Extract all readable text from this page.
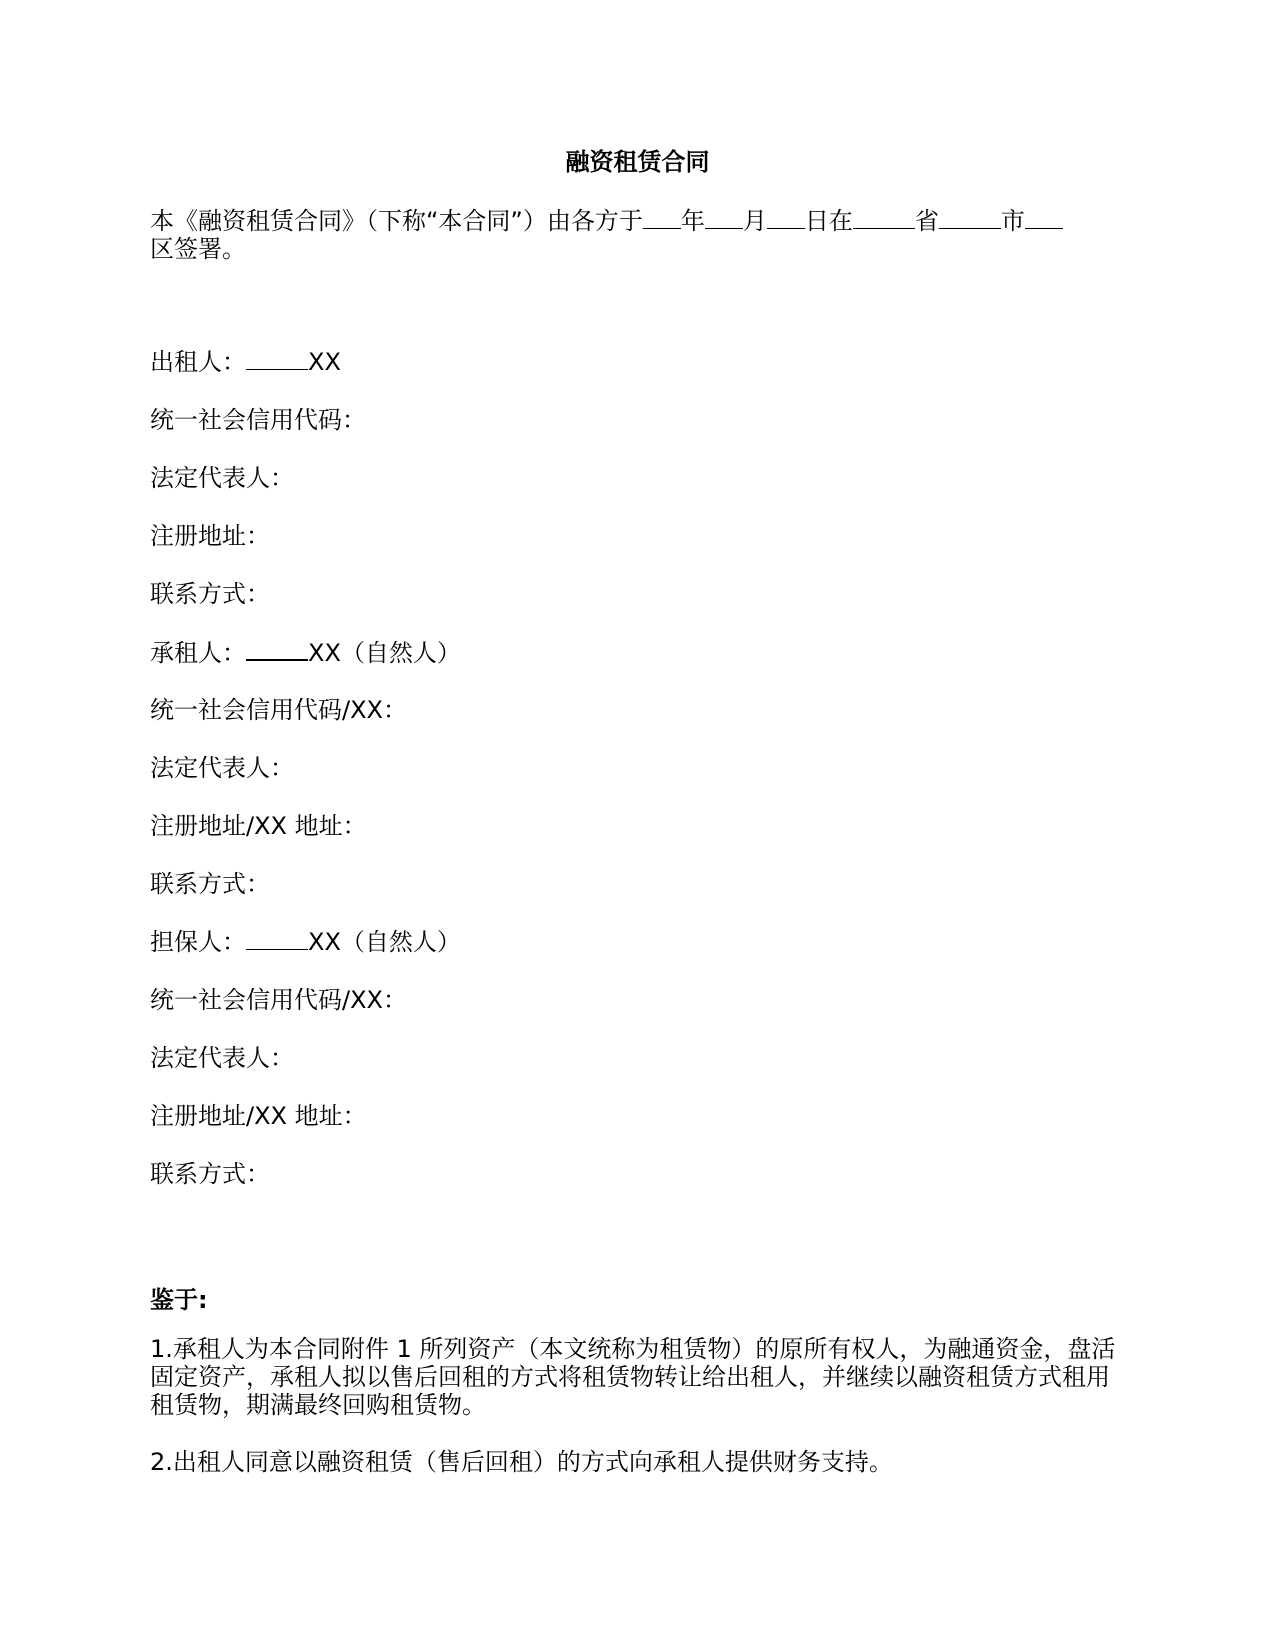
融资租赁合同
本《融资租赁合同》（下称“本合同”）由各方于 年 月 日在	省	市
区签署。
出租人：	XX
统一社会信用代码：
法定代表人：
注册地址：
联系方式：
承租人：	XX（自然人）
统一社会信用代码/XX：
法定代表人：
注册地址/XX 地址：
联系方式：
担保人：	XX（自然人）
统一社会信用代码/XX：
法定代表人：
注册地址/XX 地址：
联系方式：
鉴于:
1.承租人为本合同附件 1 所列资产（本文统称为租赁物）的原所有权人，为融通资金，盘活固定资产，承租人拟以售后回租的方式将租赁物转让给出租人，并继续以融资租赁方式租用租赁物，期满最终回购租赁物。
2.出租人同意以融资租赁（售后回租）的方式向承租人提供财务支持。
